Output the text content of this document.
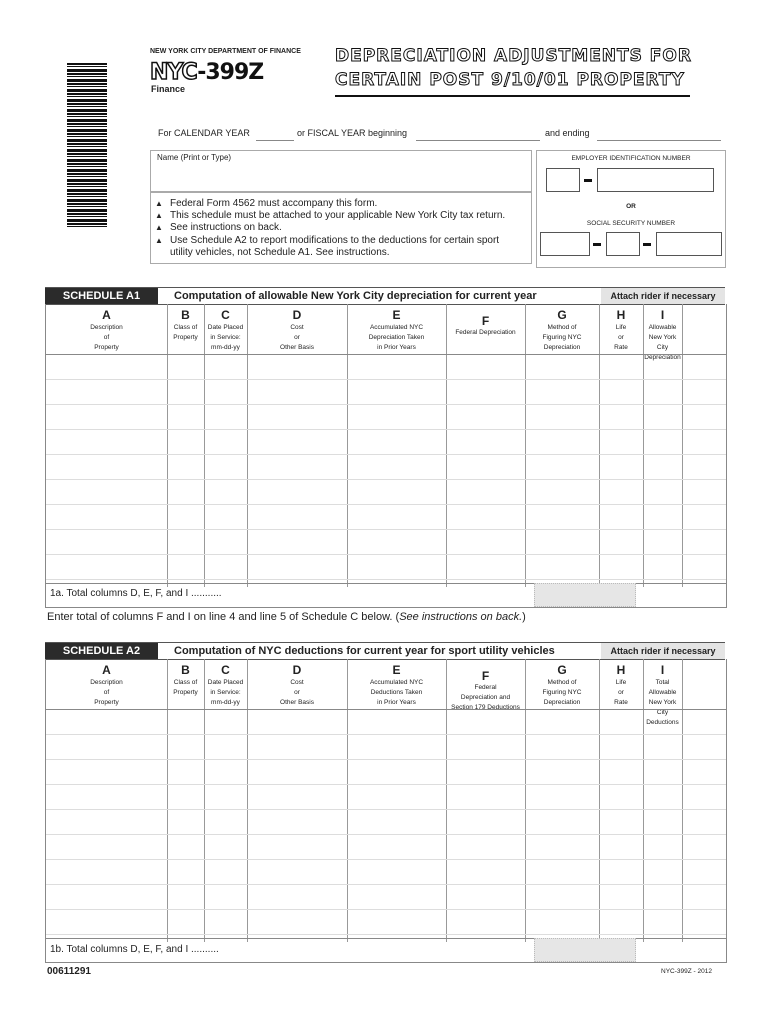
NEW YORK CITY DEPARTMENT OF FINANCE
NYC-399Z
Finance
DEPRECIATION ADJUSTMENTS FOR
CERTAIN POST 9/10/01 PROPERTY
For CALENDAR YEAR	or FISCAL YEAR beginning	and ending
Name (Print or Type)
▲ Federal Form 4562 must accompany this form.
▲ This schedule must be attached to your applicable New York City tax return.
▲ See instructions on back.
▲ Use Schedule A2 to report modifications to the deductions for certain sport
utility vehicles, not Schedule A1. See instructions.
EMPLOYER IDENTIFICATION NUMBER
OR
SOCIAL SECURITY NUMBER
SCHEDULE A1	Computation of allowable New York City depreciation for current year	Attach rider if necessary
A
Description
of
Property
B
Class of
Property
C
Date Placed
in Service:
mm-dd-yy
D
Cost
or
Other Basis
E
Accumulated NYC
Depreciation Taken
in Prior Years
F
Federal Depreciation
G
Method of
Figuring NYC
Depreciation
H
Life
or
Rate
I
Allowable
New York City
Depreciation
1a. Total columns D, E, F, and I ...........
Enter total of columns F and I on line 4 and line 5 of Schedule C below. (See instructions on back.)
SCHEDULE A2	Computation of NYC deductions for current year for sport utility vehicles	Attach rider if necessary
A
Description
of
Property
B
Class of
Property
C
Date Placed
in Service:
mm-dd-yy
D
Cost
or
Other Basis
E
Accumulated NYC
Deductions Taken
in Prior Years
F
Federal
Depreciation and
Section 179 Deductions
G
Method of
Figuring NYC
Depreciation
H
Life
or
Rate
I
Total Allowable
New York City
Deductions
1b. Total columns D, E, F, and I ..........
00611291	NYC-399Z - 2012
